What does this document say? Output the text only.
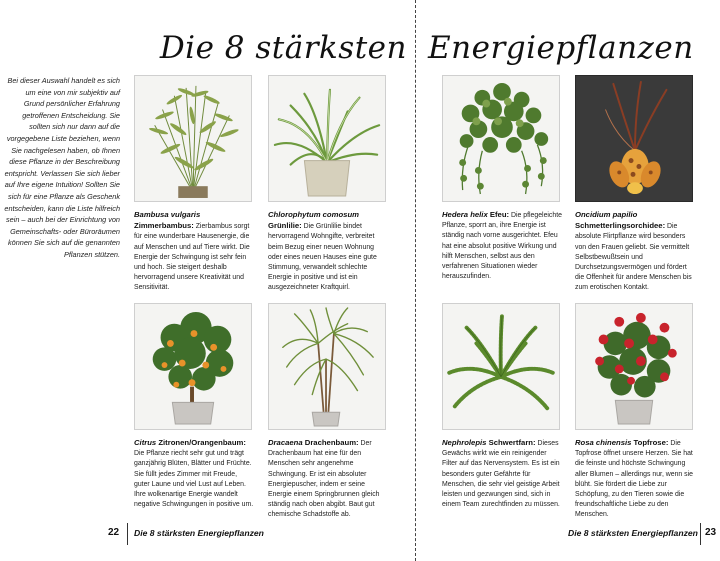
Die 8 stärksten Energiepflanzen
Bei dieser Auswahl handelt es sich um eine von mir subjektiv auf Grund persönlicher Erfahrung getroffenen Entscheidung. Sie sollten sich nur dann auf die vorgegebene Liste beziehen, wenn Sie nachgelesen haben, ob Ihnen diese Pflanze in der Beschreibung entspricht. Verlassen Sie sich lieber auf Ihre eigene Intuition! Sollten Sie sich für eine Pflanze als Geschenk entscheiden, kann die Liste hilfreich sein – auch bei der Einrichtung von Gemeinschafts- oder Büroräumen können Sie sich auf die genannten Pflanzen stützen.
Bambusa vulgaris Zimmerbambus: Zierbambus sorgt für eine wunderbare Hausenergie, die auf Menschen und auf Tiere wirkt. Die Energie der Schwingung ist sehr fein und hoch. Sie steigert deshalb hervorragend unsere Kreativität und Sensitivität.
Chlorophytum comosum Grünlilie: Die Grünlilie bindet hervorragend Wohngifte, verbreitet beim Bezug einer neuen Wohnung oder eines neuen Hauses eine gute Stimmung, verwandelt schlechte Energie in positive und ist ein ausgezeichneter Kraftquirl.
Hedera helix Efeu: Die pflegeleichte Pflanze, sporrt an, ihre Energie ist ständig nach vorne ausgerichtet. Efeu hat eine absolut positive Wirkung und hilft Menschen, selbst aus den verfahrenen Situationen wieder herauszufinden.
Oncidium papilio Schmetterlingsorchidee: Die absolute Flirtpflanze wird besonders von den Frauen geliebt. Sie vermittelt Selbstbewußtsein und Durchsetzungsvermögen und fördert die Offenheit für andere Menschen bis zum erotischen Kontakt.
Citrus Zitronen/Orangenbaum: Die Pflanze riecht sehr gut und trägt ganzjährig Blüten, Blätter und Früchte. Sie füllt jedes Zimmer mit Freude, guter Laune und viel Lust auf Leben. Ihre wolkenartige Energie wandelt negative Schwingungen in positive um.
Dracaena Drachenbaum: Der Drachenbaum hat eine für den Menschen sehr angenehme Schwingung. Er ist ein absoluter Energiepuscher, indem er seine Energie einem Springbrunnen gleich ständig nach oben abgibt. Baut gut chemische Schadstoffe ab.
Nephrolepis Schwertfarn: Dieses Gewächs wirkt wie ein reinigender Filter auf das Nervensystem. Es ist ein besonders guter Gefährte für Menschen, die sehr viel geistige Arbeit leisten und gezwungen sind, sich in einem Team zurechtfinden zu müssen.
Rosa chinensis Topfrose: Die Topfrose öffnet unsere Herzen. Sie hat die feinste und höchste Schwingung aller Blumen – allerdings nur, wenn sie blüht. Sie fördert die Liebe zur Schöpfung, zu den Tieren sowie die freundschaftliche Liebe zu den Menschen.
22 Die 8 stärksten Energiepflanzen	Die 8 stärksten Energiepflanzen 23
